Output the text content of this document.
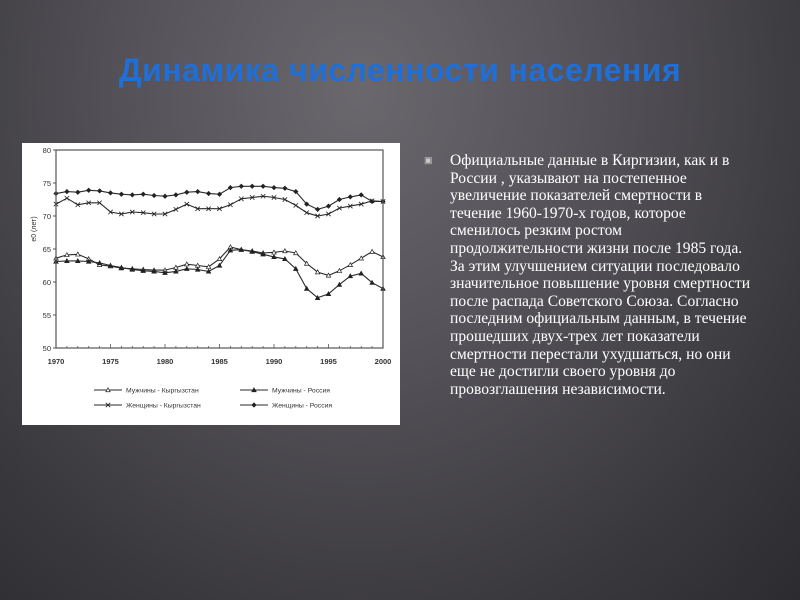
Динамика численности населения
50
55
60
65
70
75
80
1970	1975	1980	1985	1990	1995	2000
e0 (лет)
Мужчины - Кыргызстан	Мужчины - Россия
Женщины - Кыргызстан	Женщины - Россия
▣ Официальные данные в Киргизии, как и в России , указывают на постепенное увеличение показателей смертности в течение 1960-1970-х годов, которое сменилось резким ростом продолжительности жизни после 1985 года. За этим улучшением ситуации последовало значительное повышение уровня смертности после распада Советского Союза. Согласно последним официальным данным, в течение прошедших двух-трех лет показатели смертности перестали ухудшаться, но они еще не достигли своего уровня до провозглашения независимости.
